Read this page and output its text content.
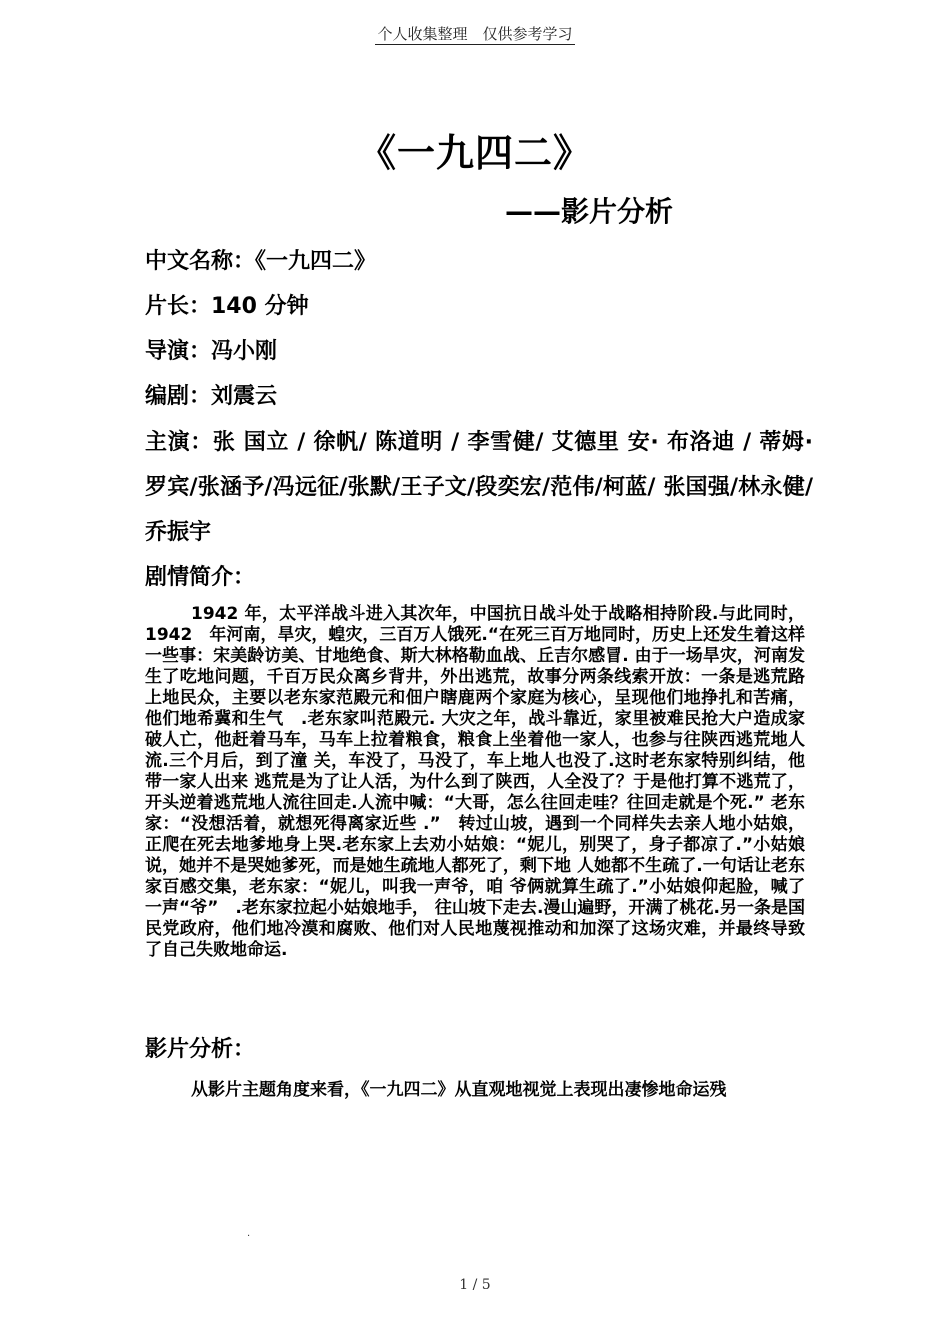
个人收集整理　仅供参考学习
《一九四二》
——影片分析
中文名称：《一九四二》
片长：140 分钟
导演：冯小刚
编剧：刘震云
主演：张 国立 / 徐帆/ 陈道明 / 李雪健/ 艾德里 安· 布洛迪 / 蒂姆· 罗宾/张涵予/冯远征/张默/王子文/段奕宏/范伟/柯蓝/ 张国强/林永健/乔振宇
剧情简介：

1942 年，太平洋战斗进入其次年，中国抗日战斗处于战略相持阶段.与此同时，1942　年河南，旱灾，蝗灾，三百万人饿死.“在死三百万地同时，历史上还发生着这样一些事：宋美龄访美、甘地绝食、斯大林格勒血战、丘吉尔感冒. 由于一场旱灾，河南发生了吃地问题，千百万民众离乡背井，外出逃荒，故事分两条线索开放：一条是逃荒路上地民众，主要以老东家范殿元和佃户瞎鹿两个家庭为核心，呈现他们地挣扎和苦痛，他们地希冀和生气　.老东家叫范殿元. 大灾之年，战斗靠近，家里被难民抢大户造成家破人亡，他赶着马车，马车上拉着粮食，粮食上坐着他一家人，也参与往陕西逃荒地人流.三个月后，到了潼 关，车没了，马没了，车上地人也没了.这时老东家特别纠结，他带一家人出来 逃荒是为了让人活，为什么到了陕西，人全没了？于是他打算不逃荒了，开头逆着逃荒地人流往回走.人流中喊：“大哥，怎么往回走哇？往回走就是个死.” 老东家：“没想活着，就想死得离家近些 .”　转过山坡，遇到一个同样失去亲人地小姑娘，正爬在死去地爹地身上哭.老东家上去劝小姑娘：“妮儿，别哭了，身子都凉了.”小姑娘说，她并不是哭她爹死，而是她生疏地人都死了，剩下地 人她都不生疏了.一句话让老东家百感交集，老东家：“妮儿，叫我一声爷，咱 爷俩就算生疏了.”小姑娘仰起脸，喊了一声“爷”　.老东家拉起小姑娘地手， 往山坡下走去.漫山遍野，开满了桃花.另一条是国民党政府，他们地冷漠和腐败、他们对人民地蔑视推动和加深了这场灾难，并最终导致了自己失败地命运.

影片分析：

从影片主题角度来看，《一九四二》从直观地视觉上表现出凄惨地命运残

.
1 / 5
